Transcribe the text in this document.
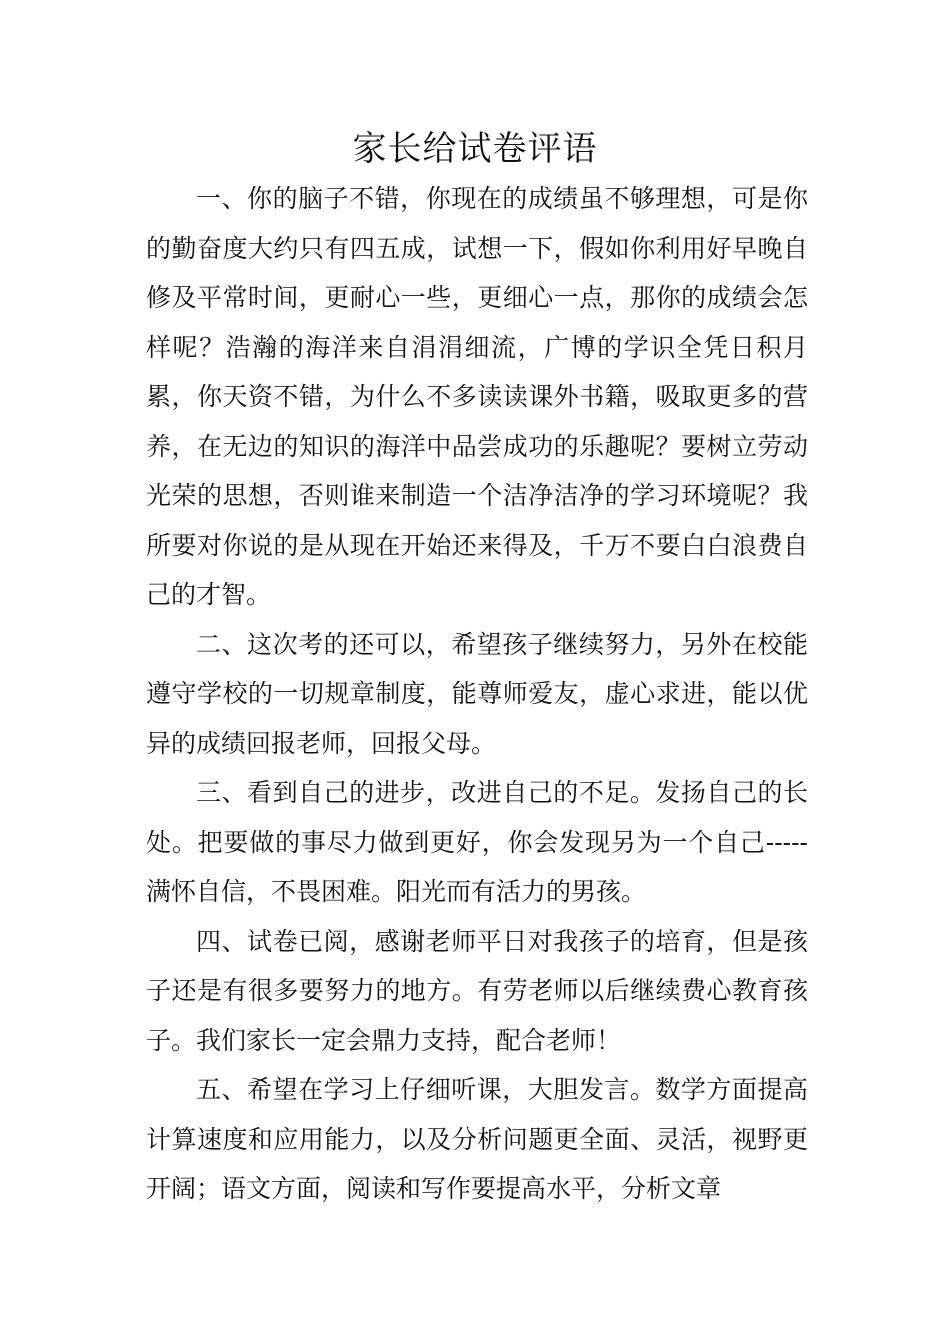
家长给试卷评语

一、你的脑子不错，你现在的成绩虽不够理想，可是你的勤奋度大约只有四五成，试想一下，假如你利用好早晚自修及平常时间，更耐心一些，更细心一点，那你的成绩会怎样呢？浩瀚的海洋来自涓涓细流，广博的学识全凭日积月累，你天资不错，为什么不多读读课外书籍，吸取更多的营养，在无边的知识的海洋中品尝成功的乐趣呢？要树立劳动光荣的思想，否则谁来制造一个洁净洁净的学习环境呢？我所要对你说的是从现在开始还来得及，千万不要白白浪费自己的才智。

二、这次考的还可以，希望孩子继续努力，另外在校能遵守学校的一切规章制度，能尊师爱友，虚心求进，能以优异的成绩回报老师，回报父母。

三、看到自己的进步，改进自己的不足。发扬自己的长处。把要做的事尽力做到更好，你会发现另为一个自己-----满怀自信，不畏困难。阳光而有活力的男孩。

四、试卷已阅，感谢老师平日对我孩子的培育，但是孩子还是有很多要努力的地方。有劳老师以后继续费心教育孩子。我们家长一定会鼎力支持，配合老师！

五、希望在学习上仔细听课，大胆发言。数学方面提高计算速度和应用能力，以及分析问题更全面、灵活，视野更开阔；语文方面，阅读和写作要提高水平，分析文章
